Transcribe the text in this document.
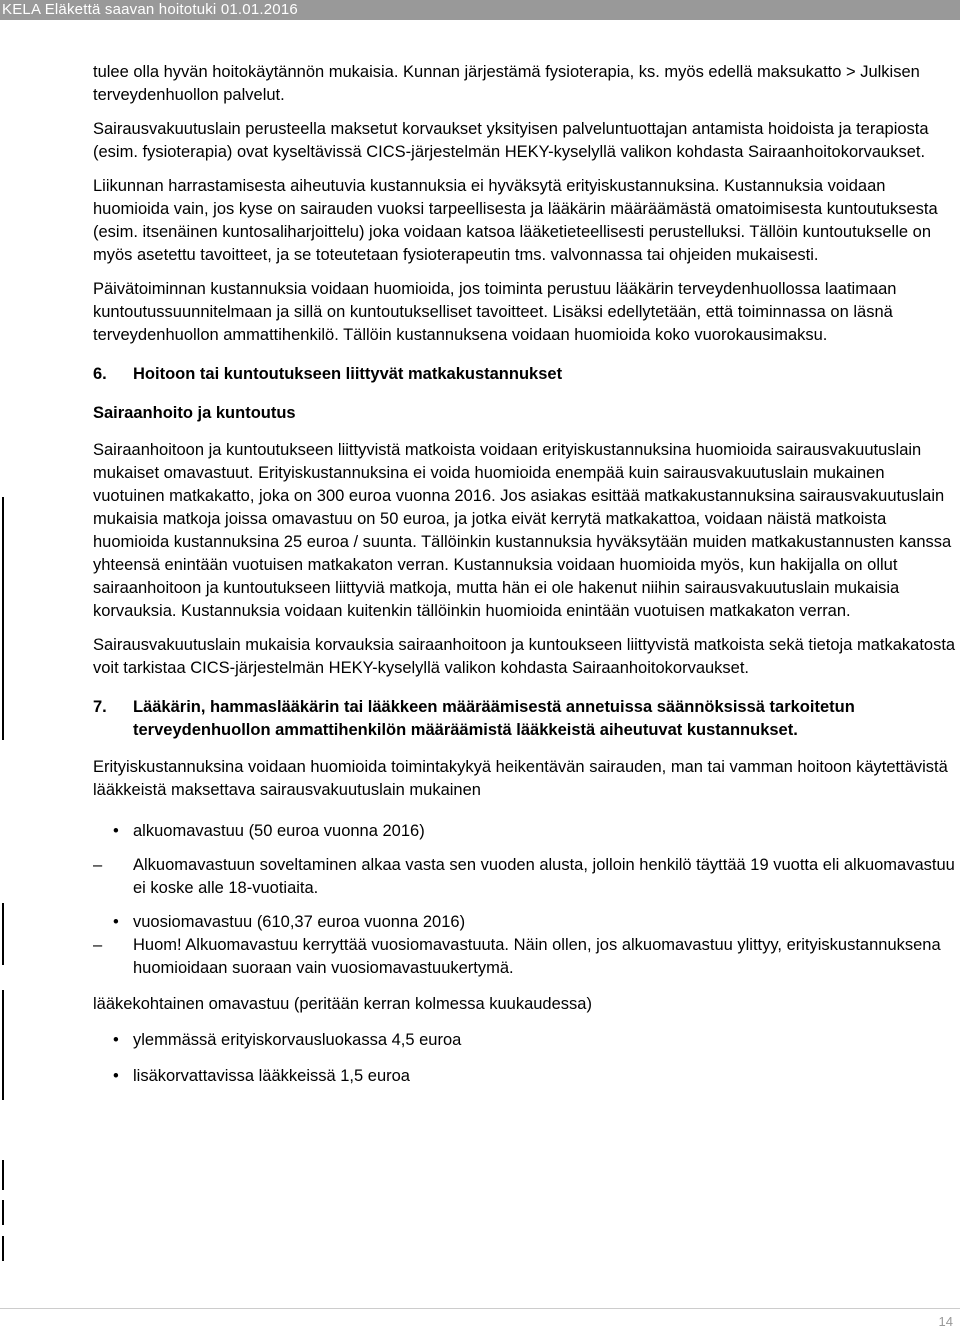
KELA Eläkettä saavan hoitotuki 01.01.2016

tulee olla hyvän hoitokäytännön mukaisia. Kunnan järjestämä fysioterapia, ks. myös edellä maksukatto > Julkisen terveydenhuollon palvelut.

Sairausvakuutuslain perusteella maksetut korvaukset yksityisen palveluntuottajan antamista hoidoista ja terapiosta (esim. fysioterapia) ovat kyseltävissä CICS-järjestelmän HEKY-kyselyllä valikon kohdasta Sairaanhoitokorvaukset.

Liikunnan harrastamisesta aiheutuvia kustannuksia ei hyväksytä erityiskustannuksina. Kustannuksia voidaan huomioida vain, jos kyse on sairauden vuoksi tarpeellisesta ja lääkärin määräämästä omatoimisesta kuntoutuksesta (esim. itsenäinen kuntosaliharjoittelu) joka voidaan katsoa lääketieteellisesti perustelluksi. Tällöin kuntoutukselle on myös asetettu tavoitteet, ja se toteutetaan fysioterapeutin tms. valvonnassa tai ohjeiden mukaisesti.

Päivätoiminnan kustannuksia voidaan huomioida, jos toiminta perustuu lääkärin terveydenhuollossa laatimaan kuntoutussuunnitelmaan ja sillä on kuntoutukselliset tavoitteet. Lisäksi edellytetään, että toiminnassa on läsnä terveydenhuollon ammattihenkilö. Tällöin kustannuksena voidaan huomioida koko vuorokausimaksu.

6.	Hoitoon tai kuntoutukseen liittyvät matkakustannukset

Sairaanhoito ja kuntoutus

Sairaanhoitoon ja kuntoutukseen liittyvistä matkoista voidaan erityiskustannuksina huomioida sairausvakuutuslain mukaiset omavastuut. Erityiskustannuksina ei voida huomioida enempää kuin sairausvakuutuslain mukainen vuotuinen matkakatto, joka on 300 euroa vuonna 2016. Jos asiakas esittää matkakustannuksina sairausvakuutuslain mukaisia matkoja joissa omavastuu on 50 euroa, ja jotka eivät kerrytä matkakattoa, voidaan näistä matkoista huomioida kustannuksina 25 euroa / suunta. Tällöinkin kustannuksia hyväksytään muiden matkakustannusten kanssa yhteensä enintään vuotuisen matkakaton verran. Kustannuksia voidaan huomioida myös, kun hakijalla on ollut sairaanhoitoon ja kuntoutukseen liittyviä matkoja, mutta hän ei ole hakenut niihin sairausvakuutuslain mukaisia korvauksia. Kustannuksia voidaan kuitenkin tällöinkin huomioida enintään vuotuisen matkakaton verran.

Sairausvakuutuslain mukaisia korvauksia sairaanhoitoon ja kuntoukseen liittyvistä matkoista sekä tietoja matkakatosta voit tarkistaa CICS-järjestelmän HEKY-kyselyllä valikon kohdasta Sairaanhoitokorvaukset.

7.	Lääkärin, hammaslääkärin tai lääkkeen määräämisestä annetuissa säännöksissä tarkoitetun terveydenhuollon ammattihenkilön määräämistä lääkkeistä aiheutuvat kustannukset.

Erityiskustannuksina voidaan huomioida toimintakykyä heikentävän sairauden, man tai vamman hoitoon käytettävistä lääkkeistä maksettava sairausvakuutuslain mukainen

• alkuomavastuu (50 euroa vuonna 2016)
– Alkuomavastuun soveltaminen alkaa vasta sen vuoden alusta, jolloin henkilö täyttää 19 vuotta eli alkuomavastuu ei koske alle 18-vuotiaita.
• vuosiomavastuu (610,37 euroa vuonna 2016)
– Huom! Alkuomavastuu kerryttää vuosiomavastuuta. Näin ollen, jos alkuomavastuu ylittyy, erityiskustannuksena huomioidaan suoraan vain vuosiomavastuukertymä.

lääkekohtainen omavastuu (peritään kerran kolmessa kuukaudessa)

• ylemmässä erityiskorvausluokassa 4,5 euroa
• lisäkorvattavissa lääkkeissä 1,5 euroa
14
